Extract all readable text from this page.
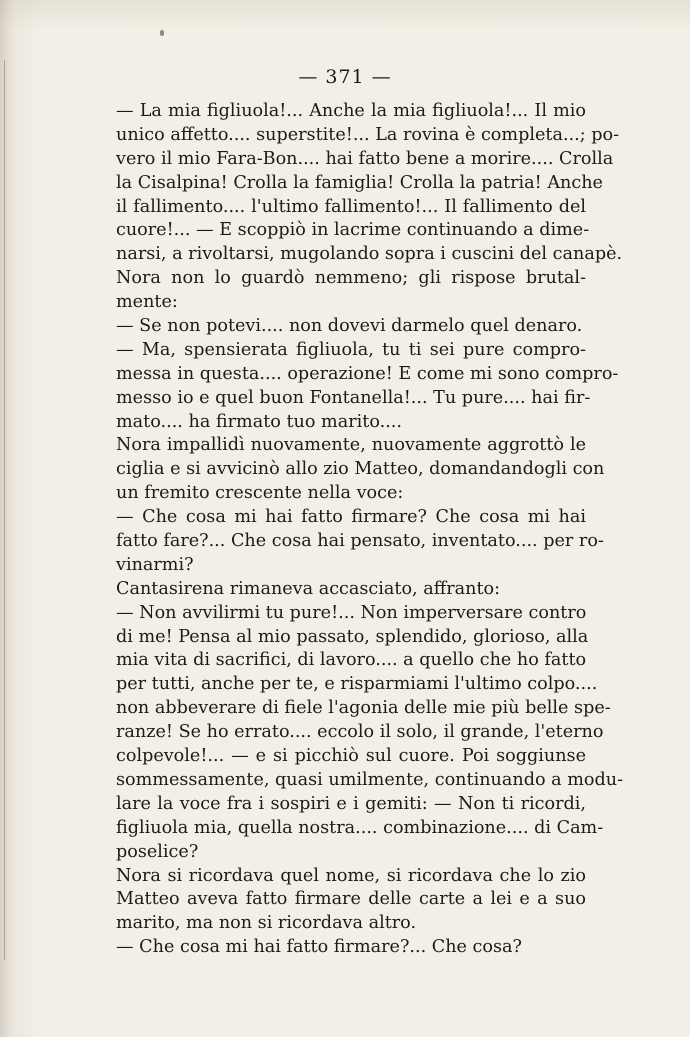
— 371 —
— La mia figliuola!... Anche la mia figliuola!... Il mio
unico affetto.... superstite!... La rovina è completa...; po-
vero il mio Fara-Bon.... hai fatto bene a morire.... Crolla
la Cisalpina! Crolla la famiglia! Crolla la patria! Anche
il fallimento.... l'ultimo fallimento!... Il fallimento del
cuore!... — E scoppiò in lacrime continuando a dime-
narsi, a rivoltarsi, mugolando sopra i cuscini del canapè.
Nora non lo guardò nemmeno; gli rispose brutal-
mente:
— Se non potevi.... non dovevi darmelo quel denaro.
— Ma, spensierata figliuola, tu ti sei pure compro-
messa in questa.... operazione! E come mi sono compro-
messo io e quel buon Fontanella!... Tu pure.... hai fir-
mato.... ha firmato tuo marito....
Nora impallidì nuovamente, nuovamente aggrottò le
ciglia e si avvicinò allo zio Matteo, domandandogli con
un fremito crescente nella voce:
— Che cosa mi hai fatto firmare? Che cosa mi hai
fatto fare?... Che cosa hai pensato, inventato.... per ro-
vinarmi?
Cantasirena rimaneva accasciato, affranto:
— Non avvilirmi tu pure!... Non imperversare contro
di me! Pensa al mio passato, splendido, glorioso, alla
mia vita di sacrifici, di lavoro.... a quello che ho fatto
per tutti, anche per te, e risparmiami l'ultimo colpo....
non abbeverare di fiele l'agonia delle mie più belle spe-
ranze! Se ho errato.... eccolo il solo, il grande, l'eterno
colpevole!... — e si picchiò sul cuore. Poi soggiunse
sommessamente, quasi umilmente, continuando a modu-
lare la voce fra i sospiri e i gemiti: — Non ti ricordi,
figliuola mia, quella nostra.... combinazione.... di Cam-
poselice?
Nora si ricordava quel nome, si ricordava che lo zio
Matteo aveva fatto firmare delle carte a lei e a suo
marito, ma non si ricordava altro.
— Che cosa mi hai fatto firmare?... Che cosa?
